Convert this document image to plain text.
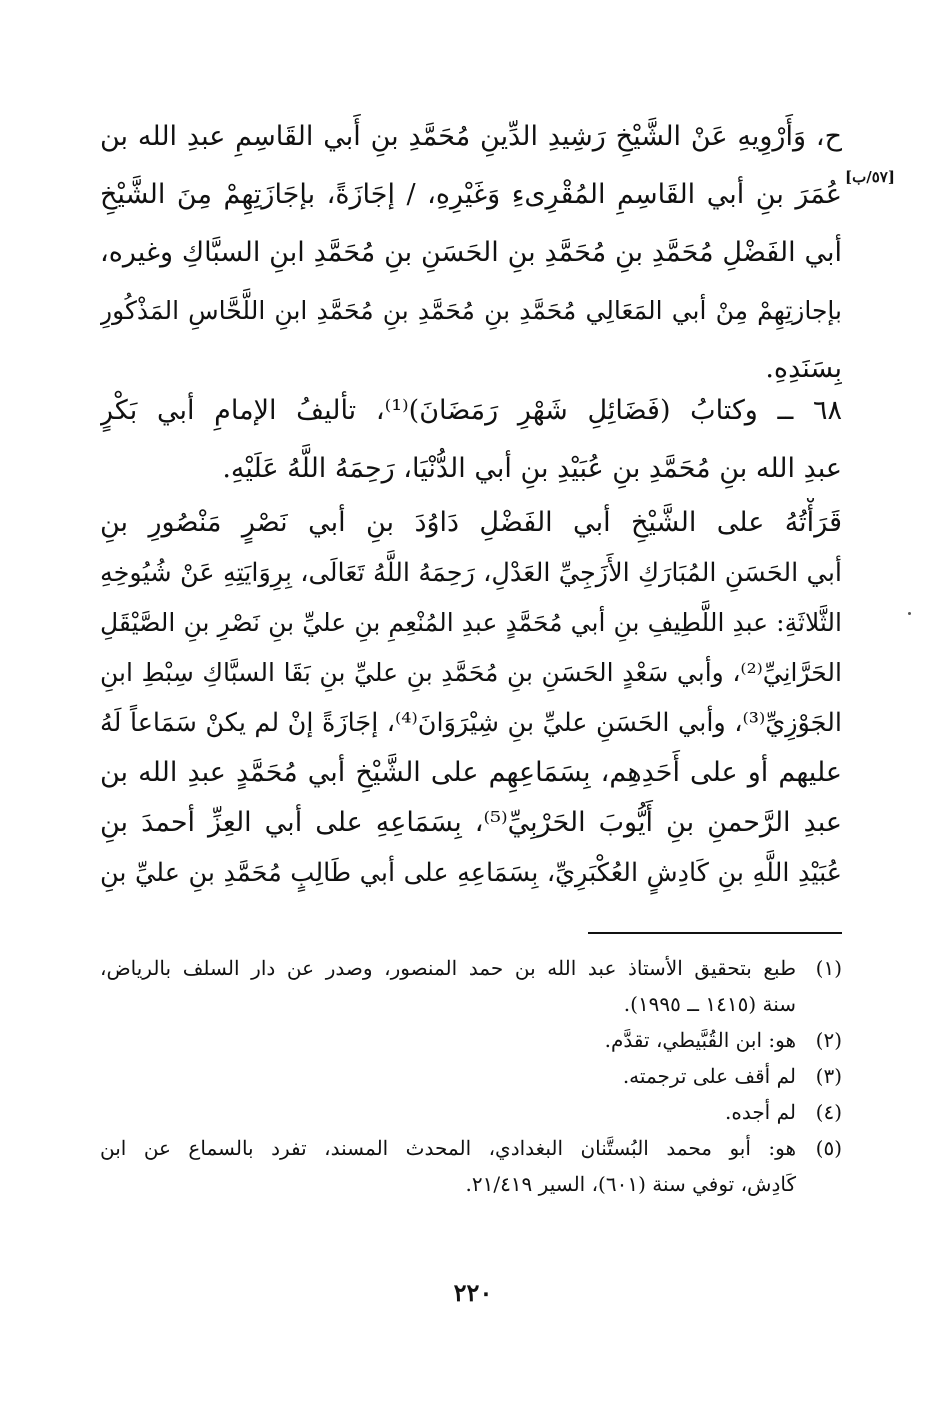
[٥٧/ب]
ح، وَأَرْوِيهِ عَنْ الشَّيْخِ رَشِيدِ الدِّينِ مُحَمَّدِ بنِ أَبي القَاسِمِ عبدِ الله بن
عُمَرَ بنِ أبي القَاسِمِ المُقْرِىءِ وَغَيْرِهِ، / إجَازَةً، بإجَازَتِهِمْ مِنَ الشَّيْخِ
أبي الفَضْلِ مُحَمَّدِ بنِ مُحَمَّدِ بنِ الحَسَنِ بنِ مُحَمَّدِ ابنِ السبَّاكِ وغيره،
بإجازتِهِمْ مِنْ أبي المَعَالِي مُحَمَّدِ بنِ مُحَمَّدِ بنِ مُحَمَّدِ ابنِ اللَّحَّاسِ المَذْكُورِ
بِسَنَدِهِ.
٦٨ ــ وكتابُ (فَضَائِلِ شَهْرِ رَمَضَانَ)⁽¹⁾، تأليفُ الإمامِ أبي بَكْرٍ
عبدِ الله بنِ مُحَمَّدِ بنِ عُبَيْدِ بنِ أبي الدُّنْيَا، رَحِمَهُ اللَّهُ عَلَيْهِ.
قَرَأْتُهُ على الشَّيْخِ أبي الفَضْلِ دَاوُدَ بنِ أبي نَصْرٍ مَنْصُورِ بنِ
أبي الحَسَنِ المُبَارَكِ الأَزَجِيِّ العَدْلِ، رَحِمَهُ اللَّهُ تَعَالَى، بِرِوَايَتِهِ عَنْ شُيُوخِهِ
الثَّلاثَةِ: عبدِ اللَّطِيفِ بنِ أبي مُحَمَّدٍ عبدِ المُنْعِمِ بنِ عليِّ بنِ نَصْرِ بنِ الصَّيْقَلِ
الحَرَّانِيِّ⁽²⁾، وأبي سَعْدٍ الحَسَنِ بنِ مُحَمَّدِ بنِ عليِّ بنِ بَقَا السبَّاكِ سِبْطِ ابنِ
الجَوْزِيِّ⁽³⁾، وأبي الحَسَنِ عليِّ بنِ شِيْرَوَانَ⁽⁴⁾، إجَازَةً إنْ لم يكنْ سَمَاعاً لَهُ
عليهم أو على أَحَدِهِم، بِسَمَاعِهِم على الشَّيْخِ أبي مُحَمَّدٍ عبدِ الله بن
عبدِ الرَّحمنِ بنِ أَيُّوبَ الحَرْبِيِّ⁽⁵⁾، بِسَمَاعِهِ على أبي العِزِّ أحمدَ بنِ
عُبَيْدِ اللَّهِ بنِ كَادِشٍ العُكْبَرِيِّ، بِسَمَاعِهِ على أبي طَالِبٍ مُحَمَّدِ بنِ عليِّ بنِ
(١)
طبع بتحقيق الأستاذ عبد الله بن حمد المنصور، وصدر عن دار السلف بالرياض،
سنة (١٤١٥ ــ ١٩٩٥).
(٢)
هو: ابن القُبَّيطي، تقدَّم.
(٣)
لم أقف على ترجمته.
(٤)
لم أجده.
(٥)
هو: أبو محمد البُستَّنان البغدادي، المحدث المسند، تفرد بالسماع عن ابن
كَادِش، توفي سنة (٦٠١)، السير ٢١/٤١٩.
٢٢٠
